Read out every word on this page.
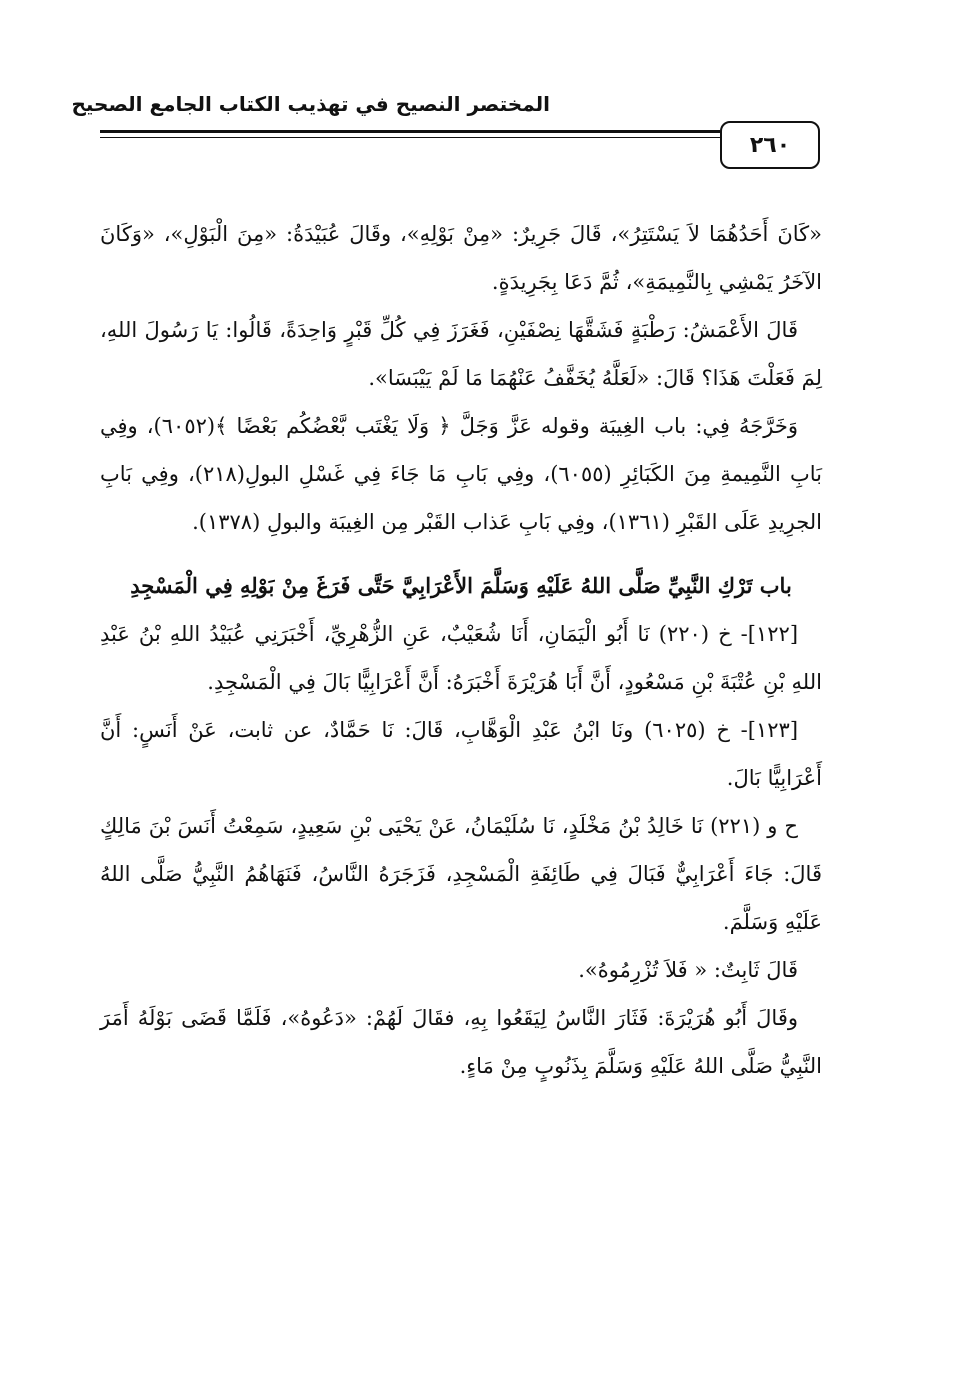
المختصر النصيح في تهذيب الكتاب الجامع الصحيح
٢٦٠

«كَانَ أَحَدُهُمَا لاَ يَسْتَتِرُ»، قَالَ جَرِيرٌ: «مِنْ بَوْلِهِ»، وقَالَ عُبَيْدَةُ: «مِنَ الْبَوْلِ»، «وَكَانَ الآخَرُ يَمْشِي بِالنَّمِيمَةِ»، ثُمَّ دَعَا بِجَرِيدَةٍ.

قَالَ الأَعْمَشُ: رَطْبَةٍ فَشَقَّهَا نِصْفَيْنِ، فَغَرَزَ فِي كُلِّ قَبْرٍ وَاحِدَةً، قَالُوا: يَا رَسُولَ اللهِ، لِمَ فَعَلْتَ هَذَا؟ قَالَ: «لَعَلَّهُ يُخَفَّفُ عَنْهُمَا مَا لَمْ يَيْبَسَا».

وَخَرَّجَهُ فِي: باب الغِيبَة وقوله عَزَّ وَجَلَّ ﴿ وَلَا يَغْتَب بَّعْضُكُم بَعْضًا ﴾(٦٠٥٢)، وفِي بَابِ النَّمِيمةِ مِنَ الكَبَائِرِ (٦٠٥٥)، وفِي بَابِ مَا جَاءَ فِي غَسْلِ البولِ(٢١٨)، وفِي بَابِ الجرِيدِ عَلَى القَبْرِ (١٣٦١)، وفِي بَابِ عَذاب القَبْر مِن الغِيبَة والبولِ (١٣٧٨).

باب تَرْكِ النَّبِيِّ صَلَّى اللهُ عَلَيْهِ وَسَلَّمَ الأَعْرَابِيَّ حَتَّى فَرَغَ مِنْ بَوْلِهِ فِي الْمَسْجِدِ

[١٢٢]- خ (٢٢٠) نَا أَبُو الْيَمَانِ، أَنَا شُعَيْبٌ، عَنِ الزُّهْرِيِّ، أَخْبَرَنِي عُبَيْدُ اللهِ بْنُ عَبْدِ اللهِ بْنِ عُتْبَةَ بْنِ مَسْعُودٍ، أَنَّ أَبَا هُرَيْرَةَ أَخْبَرَهُ: أَنَّ أَعْرَابِيًّا بَالَ فِي الْمَسْجِدِ.

[١٢٣]- خ (٦٠٢٥) ونَا ابْنُ عَبْدِ الْوَهَّابِ، قَالَ: نَا حَمَّادٌ، عن ثابت، عَنْ أَنَسٍ: أَنَّ أَعْرَابِيًّا بَالَ.

ح و (٢٢١) نَا خَالِدُ بْنُ مَخْلَدٍ، نَا سُلَيْمَانُ، عَنْ يَحْيَى بْنِ سَعِيدٍ، سَمِعْتُ أَنَسَ بْنَ مَالِكٍ قَالَ: جَاءَ أَعْرَابِيٌّ فَبَالَ فِي طَائِفَةِ الْمَسْجِدِ، فَزَجَرَهُ النَّاسُ، فَنَهَاهُمُ النَّبِيُّ صَلَّى اللهُ عَلَيْهِ وَسَلَّمَ.

قَالَ ثَابِتٌ: « فَلاَ تُزْرِمُوهُ».

وقَالَ أَبُو هُرَيْرَةَ: فَثَارَ النَّاسُ لِيَقَعُوا بِهِ، فقَالَ لَهُمْ: «دَعُوهُ»، فَلَمَّا قَضَى بَوْلَهُ أَمَرَ النَّبِيُّ صَلَّى اللهُ عَلَيْهِ وَسَلَّمَ بِذَنُوبٍ مِنْ مَاءٍ.
